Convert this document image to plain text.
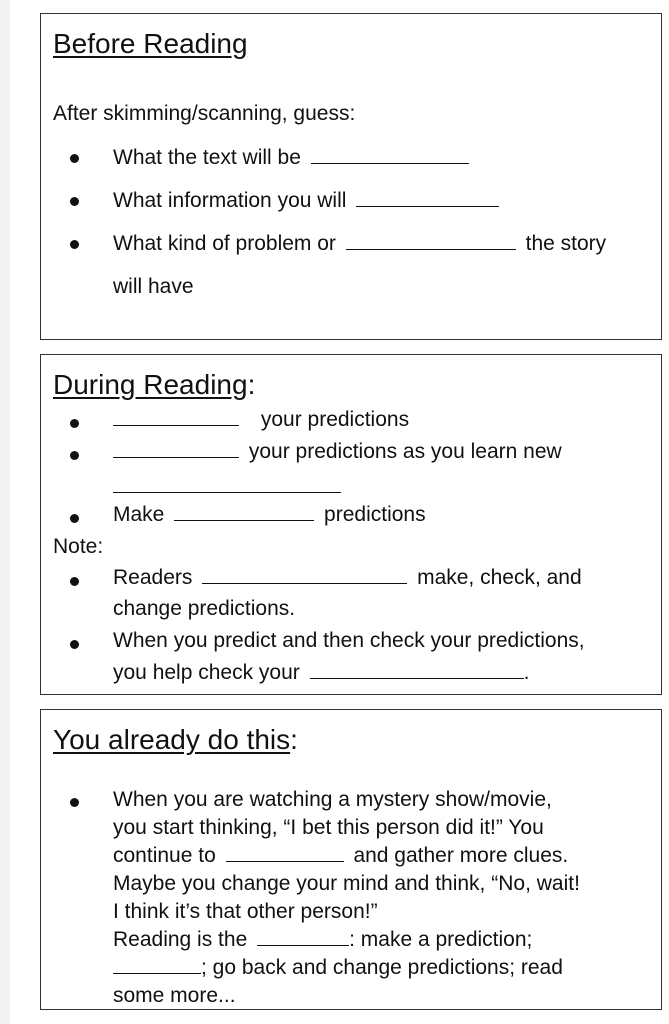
Before Reading
After skimming/scanning, guess:
What the text will be
What information you will
What kind of problem or	the story
will have
During Reading:
your predictions
your predictions as you learn new
Make	predictions
Note:
Readers	make, check, and
change predictions.
When you predict and then check your predictions,
you help check your	.
You already do this:
When you are watching a mystery show/movie,
you start thinking, “I bet this person did it!” You
continue to	and gather more clues.
Maybe you change your mind and think, “No, wait!
I think it’s that other person!”
Reading is the	: make a prediction;
; go back and change predictions; read
some more...
